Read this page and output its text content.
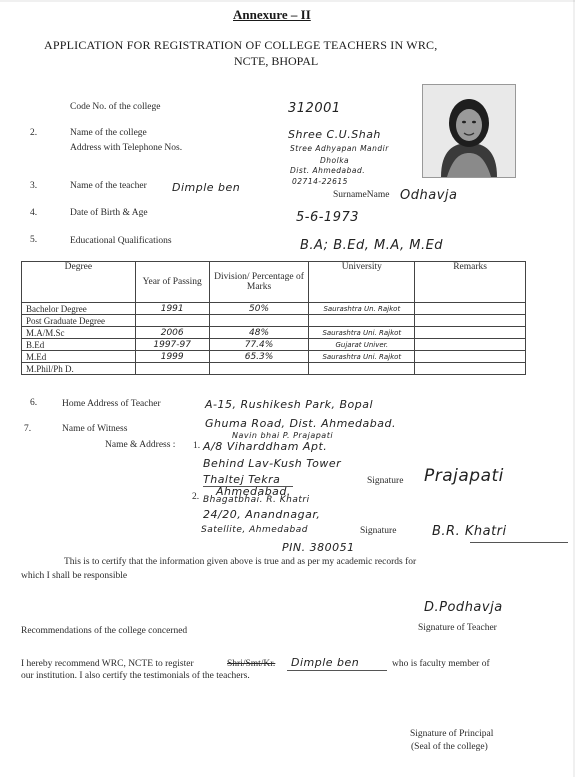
Annexure – II
APPLICATION FOR REGISTRATION OF COLLEGE TEACHERS IN WRC,
NCTE, BHOPAL
Code No. of the college	312001
2.	Name of the college
Address with Telephone Nos.
Shree C.U.Shah
Stree Adhyapan Mandir
Dholka
Dist. Ahmedabad.
02714-22615
3.	Name of the teacher Dimple ben
SurnameName Odhavja
4.	Date of Birth & Age	5-6-1973
5.	Educational Qualifications	B.A; B.Ed, M.A, M.Ed
Degree	Year of Passing	Division/ Percentage of Marks	University	Remarks
Bachelor Degree	1991	50%	Saurashtra Un. Rajkot	
Post Graduate Degree				
M.A/M.Sc	2006	48%	Saurashtra Uni. Rajkot	
B.Ed	1997-97	77.4%	Gujarat Univer.	
M.Ed	1999	65.3%	Saurashtra Uni. Rajkot	
M.Phil/Ph D.				
6.	Home Address of Teacher	A-15, Rushikesh Park, Bopal
Ghuma Road, Dist. Ahmedabad.
7.	Name of Witness
Navin bhai P. Prajapati
Name & Address : 1. A/8 Viharddham Apt.
Behind Lav-Kush Tower
Thaltej Tekra
Ahmedabad.
Signature Prajapati
2. Bhagatbhai. R. Khatri
24/20, Anandnagar,
Satellite, Ahmedabad
PIN. 380051
Signature	B.R. Khatri
This is to certify that the information given above is true and as per my academic records for
which I shall be responsible
D.Podhavja
Recommendations of the college concerned	Signature of Teacher
I hereby recommend WRC, NCTE to register	Shri/Smt/Kr. Dimple ben	who is faculty member of
our institution. I also certify the testimonials of the teachers.
Signature of Principal
(Seal of the college)
